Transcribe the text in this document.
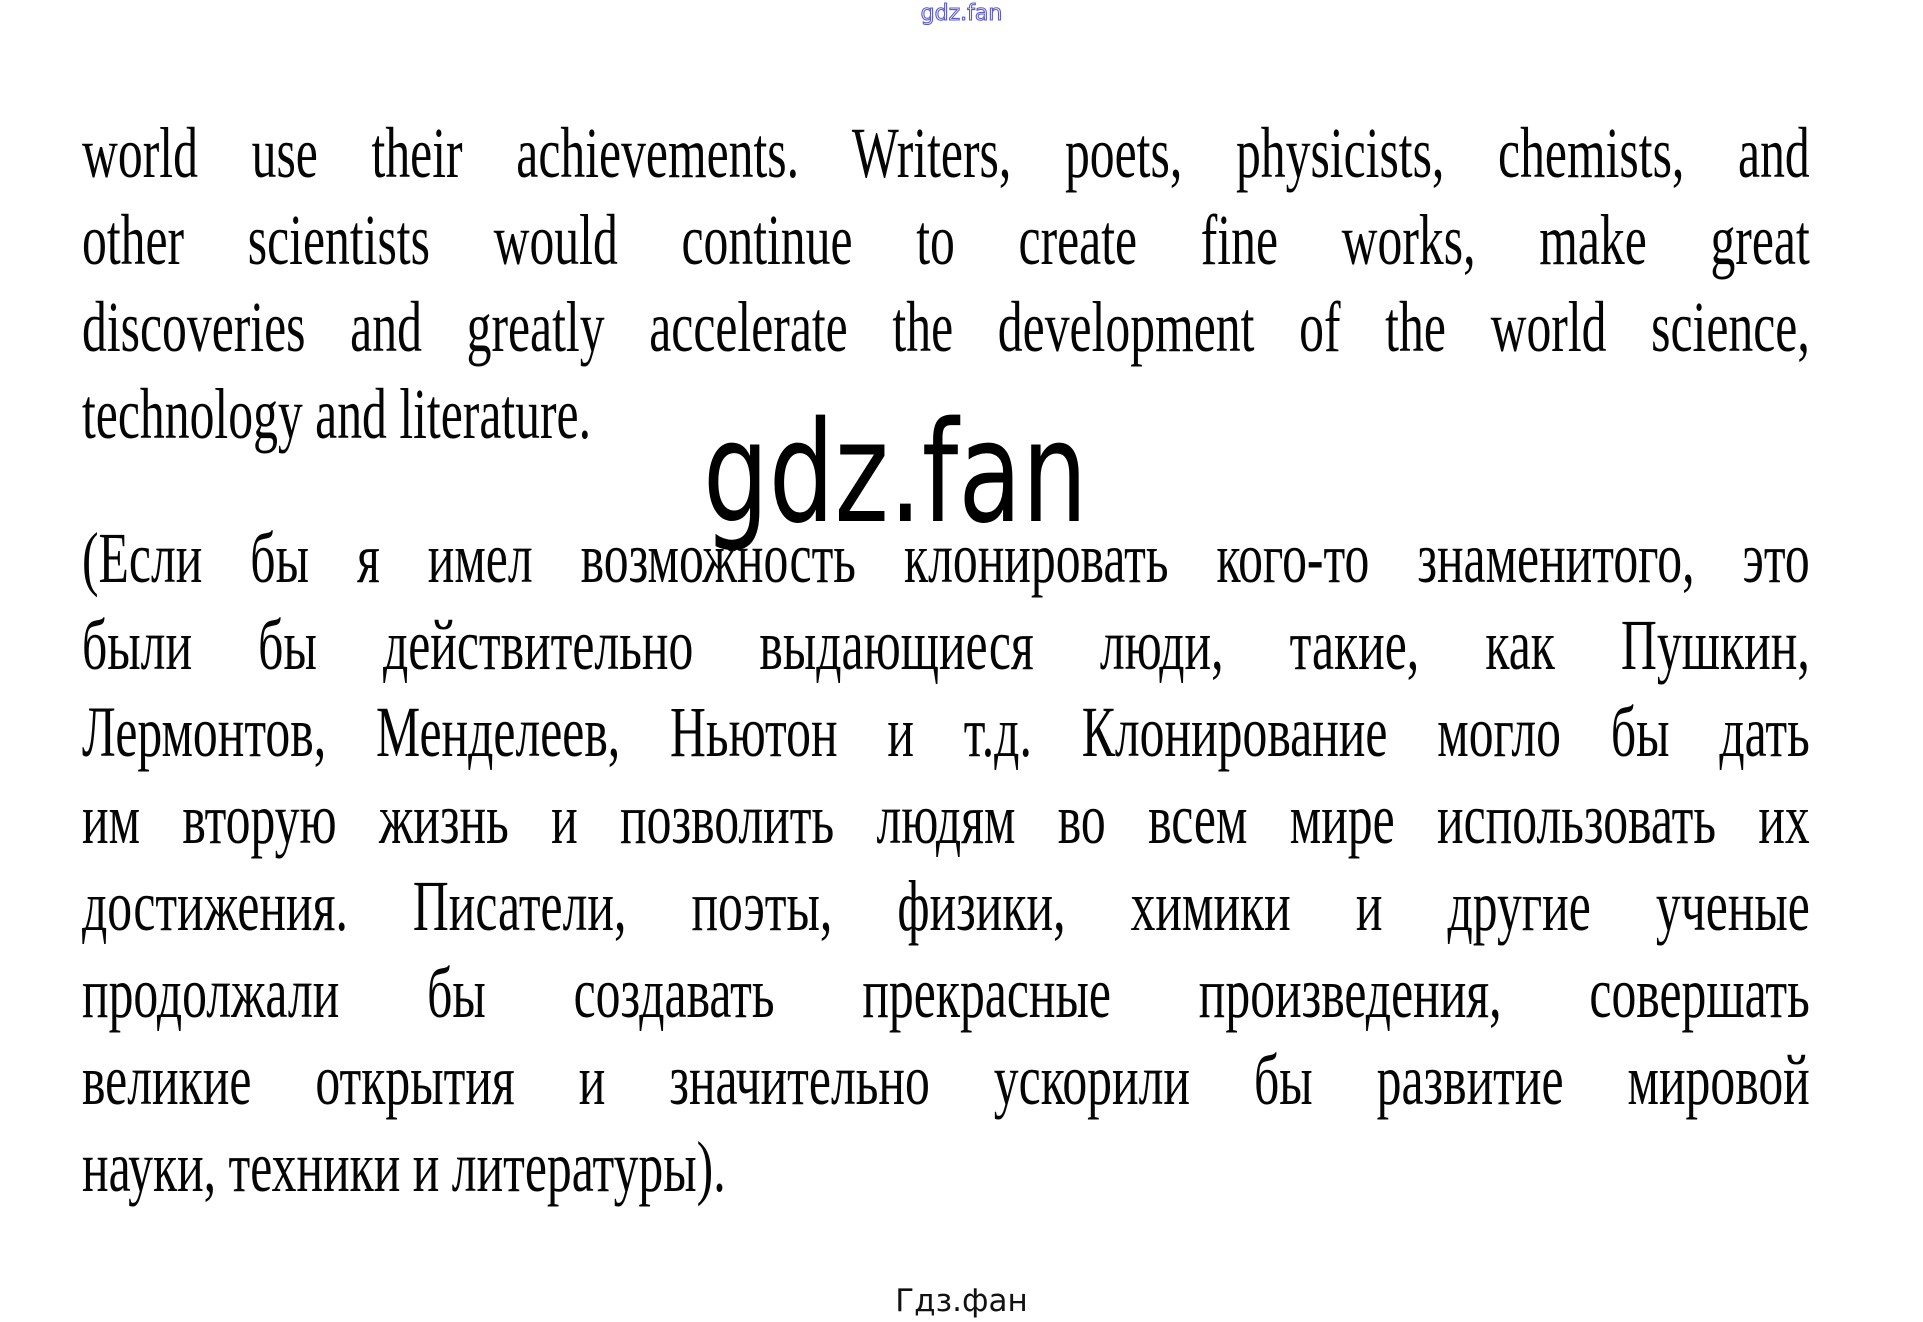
gdz.fan
world use their achievements. Writers, poets, physicists, chemists, and
other scientists would continue to create fine works, make great
discoveries and greatly accelerate the development of the world science,
technology and literature. gdz.fan
(Если бы я имел возможность клонировать кого-то знаменитого, это
были бы действительно выдающиеся люди, такие, как Пушкин,
Лермонтов, Менделеев, Ньютон и т.д. Клонирование могло бы дать
им вторую жизнь и позволить людям во всем мире использовать их
достижения. Писатели, поэты, физики, химики и другие ученые
продолжали бы создавать прекрасные произведения, совершать
великие открытия и значительно ускорили бы развитие мировой
науки, техники и литературы).
Гдз.фан
